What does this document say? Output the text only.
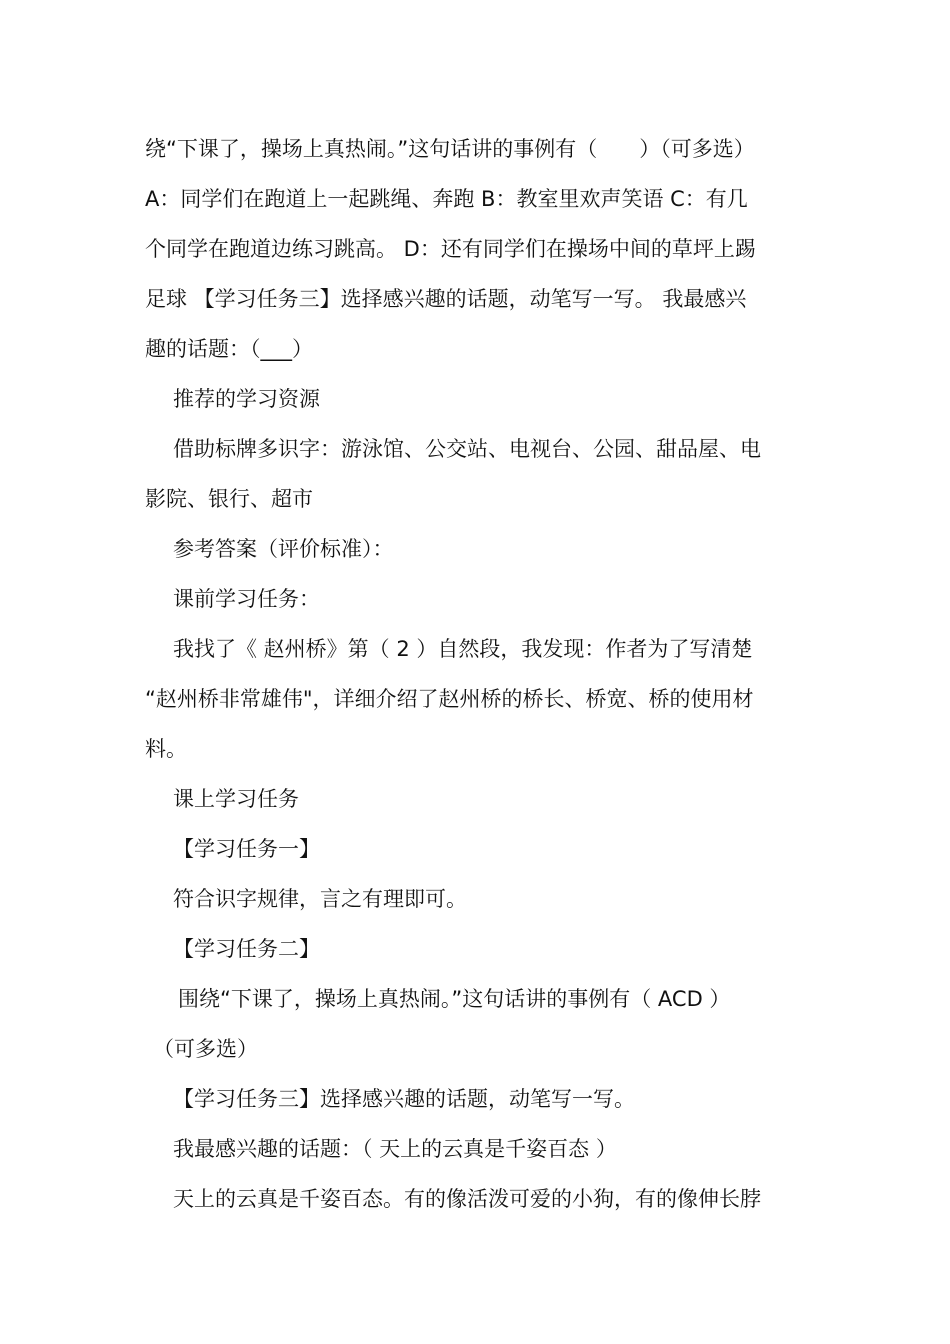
绕“下课了，操场上真热闹。”这句话讲的事例有（　　）（可多选）

A：同学们在跑道上一起跳绳、奔跑 B：教室里欢声笑语 C：有几

个同学在跑道边练习跳高。 D：还有同学们在操场中间的草坪上踢

足球 【学习任务三】选择感兴趣的话题，动笔写一写。 我最感兴

趣的话题：（___）

推荐的学习资源

借助标牌多识字：游泳馆、公交站、电视台、公园、甜品屋、电

影院、银行、超市

参考答案（评价标准）：

课前学习任务：

我找了《 赵州桥》第（ 2 ）自然段，我发现：作者为了写清楚

“赵州桥非常雄伟"，详细介绍了赵州桥的桥长、桥宽、桥的使用材

料。

课上学习任务

【学习任务一】

符合识字规律，言之有理即可。

【学习任务二】

围绕“下课了，操场上真热闹。”这句话讲的事例有（ ACD ）

（可多选）

【学习任务三】选择感兴趣的话题，动笔写一写。

我最感兴趣的话题：（ 天上的云真是千姿百态 ）

天上的云真是千姿百态。有的像活泼可爱的小狗，有的像伸长脖
